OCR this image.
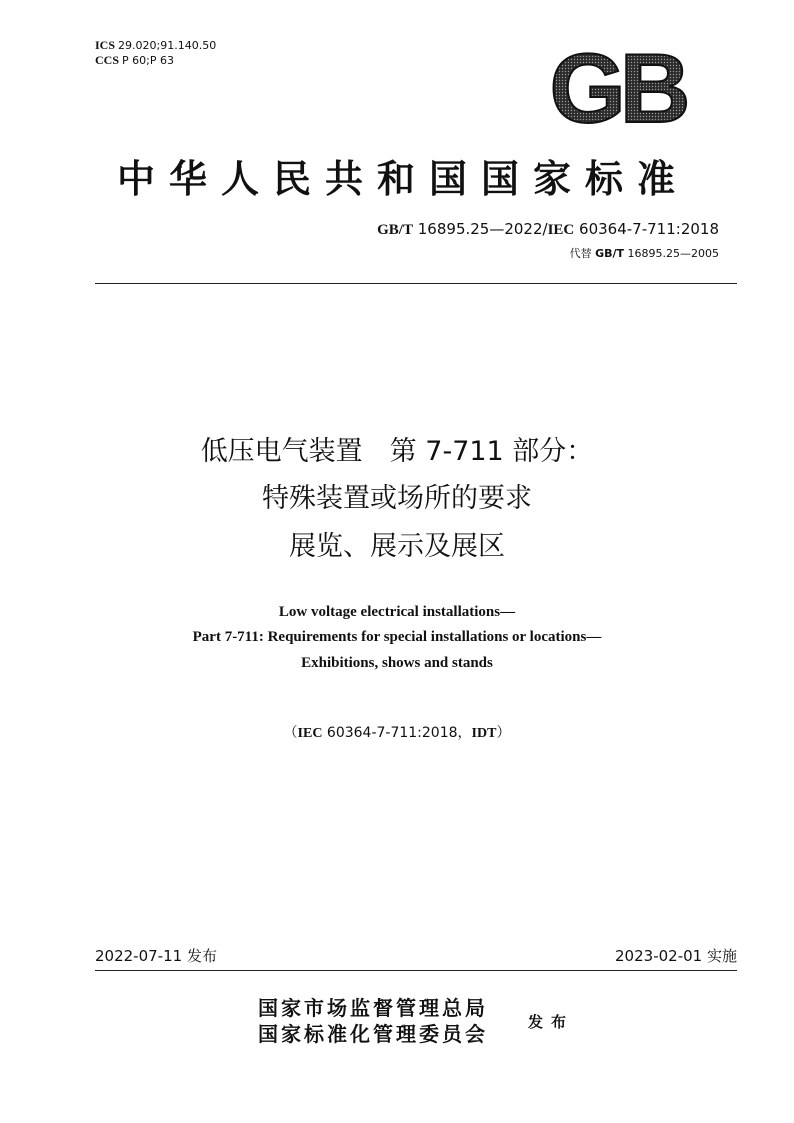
ICS 29.020;91.140.50
CCS P 60;P 63	GB
中华人民共和国国家标准
GB/T 16895.25—2022/IEC 60364-7-711:2018
代替 GB/T 16895.25—2005
低压电气装置　第 7-711 部分：
特殊装置或场所的要求
展览、展示及展区
Low voltage electrical installations—
Part 7-711: Requirements for special installations or locations—
Exhibitions, shows and stands
（IEC 60364-7-711:2018，IDT）
2022-07-11 发布	2023-02-01 实施
国家市场监督管理总局
国家标准化管理委员会	发布
